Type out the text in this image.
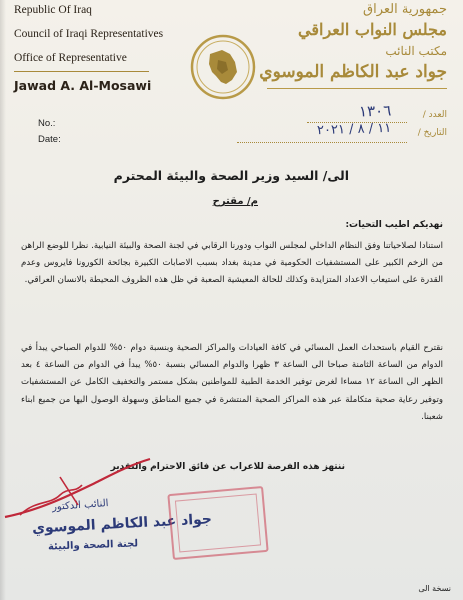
Republic Of Iraq
Council of Iraqi Representatives
Office of Representative
Jawad A. Al-Mosawi
جمهورية العراق
مجلس النواب العراقي
مكتب النائب
جواد عبد الكاظم الموسوي
No.:
Date:
العدد /
١٣٠٦
التاريخ /
١١ / ٨ / ٢٠٢١
الى/ السيد وزير الصحة والبيئة المحترم
م/ مقترح
نهديكم اطيب التحيات:
استنادا لصلاحياتنا وفق النظام الداخلي لمجلس النواب ودورنا الرقابي في لجنة الصحة والبيئة النيابية. نظرا للوضع الراهن من الزخم الكبير على المستشفيات الحكومية في مدينة بغداد بسبب الاصابات الكبيرة بجائحة الكورونا فايروس وعدم القدرة على استيعاب الاعداد المتزايدة وكذلك للحالة المعيشية الصعبة في ظل هذه الظروف المحيطة بالانسان العراقي.
نقترح القيام باستحداث العمل المسائي في كافة العيادات والمراكز الصحية وبنسبة دوام ٥٠% للدوام الصباحي يبدأ في الدوام من الساعة الثامنة صباحا الى الساعة ٣ ظهرا والدوام المسائي بنسبة ٥٠% يبدأ في الدوام من الساعة ٤ بعد الظهر الى الساعة ١٢ مساءا لغرض توفير الخدمة الطبية للمواطنين بشكل مستمر والتخفيف الكامل عن المستشفيات وتوفير رعاية صحية متكاملة عبر هذه المراكز الصحية المنتشرة في جميع المناطق وسهولة الوصول اليها من جميع ابناء شعبنا.
ننتهز هذه الفرصة للاعراب عن فائق الاحترام والتقدير
النائب الدكتور
جواد عبد الكاظم الموسوي
لجنة الصحة والبيئة
نسخة الى
